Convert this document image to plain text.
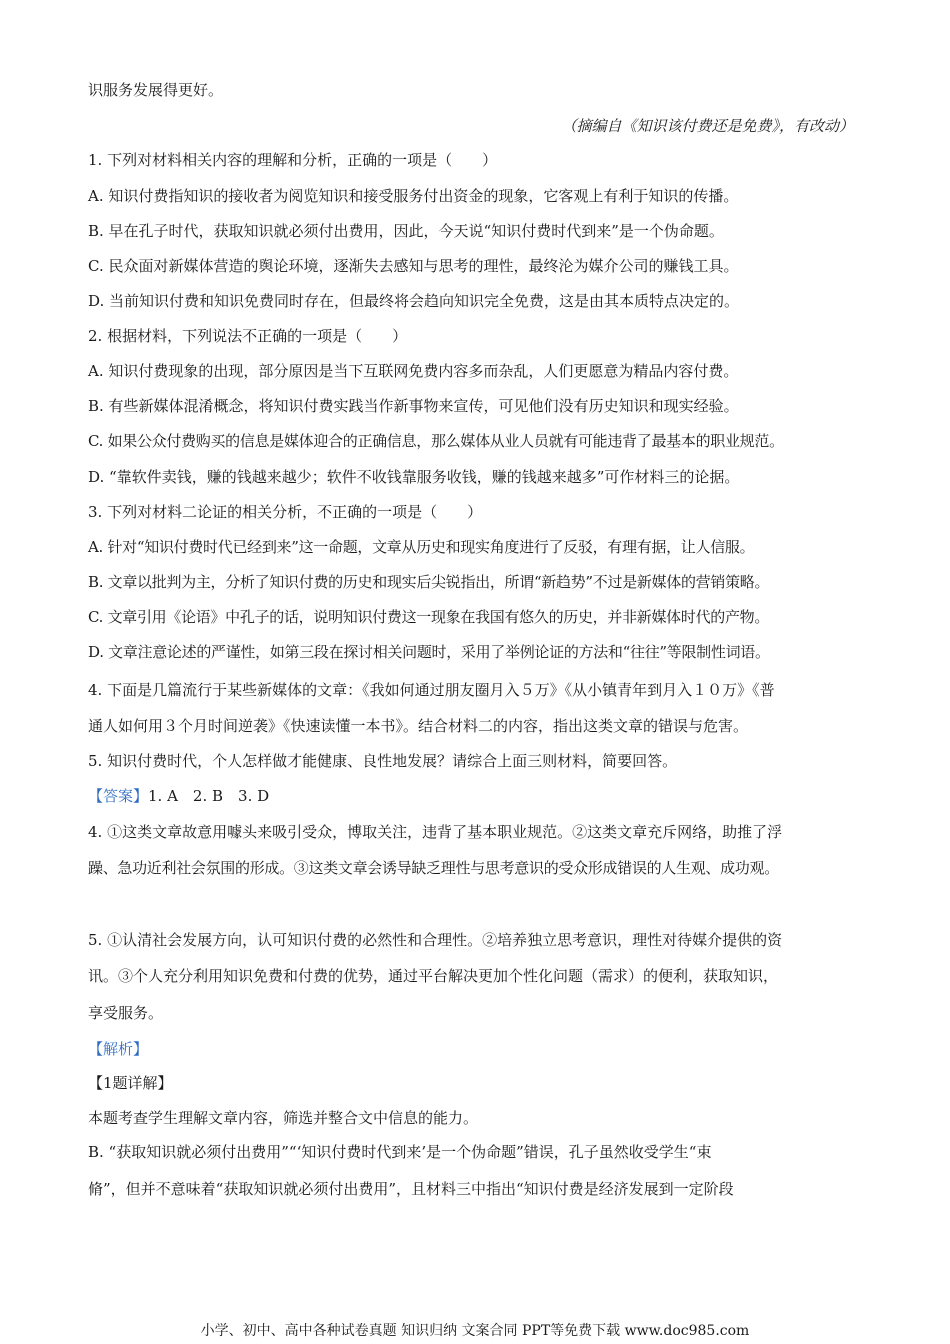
识服务发展得更好。
（摘编自《知识该付费还是免费》，有改动）
1. 下列对材料相关内容的理解和分析，正确的一项是（　　）
A. 知识付费指知识的接收者为阅览知识和接受服务付出资金的现象，它客观上有利于知识的传播。
B. 早在孔子时代，获取知识就必须付出费用，因此，今天说“知识付费时代到来”是一个伪命题。
C. 民众面对新媒体营造的舆论环境，逐渐失去感知与思考的理性，最终沦为媒介公司的赚钱工具。
D. 当前知识付费和知识免费同时存在，但最终将会趋向知识完全免费，这是由其本质特点决定的。
2. 根据材料，下列说法不正确的一项是（　　）
A. 知识付费现象的出现，部分原因是当下互联网免费内容多而杂乱，人们更愿意为精品内容付费。
B. 有些新媒体混淆概念，将知识付费实践当作新事物来宣传，可见他们没有历史知识和现实经验。
C. 如果公众付费购买的信息是媒体迎合的正确信息，那么媒体从业人员就有可能违背了最基本的职业规范。
D. “靠软件卖钱，赚的钱越来越少；软件不收钱靠服务收钱，赚的钱越来越多”可作材料三的论据。
3. 下列对材料二论证的相关分析，不正确的一项是（　　）
A. 针对“知识付费时代已经到来”这一命题，文章从历史和现实角度进行了反驳，有理有据，让人信服。
B. 文章以批判为主，分析了知识付费的历史和现实后尖锐指出，所谓“新趋势”不过是新媒体的营销策略。
C. 文章引用《论语》中孔子的话，说明知识付费这一现象在我国有悠久的历史，并非新媒体时代的产物。
D. 文章注意论述的严谨性，如第三段在探讨相关问题时，采用了举例论证的方法和“往往”等限制性词语。
4. 下面是几篇流行于某些新媒体的文章：《我如何通过朋友圈月入５万》《从小镇青年到月入１０万》《普
通人如何用３个月时间逆袭》《快速读懂一本书》。结合材料二的内容，指出这类文章的错误与危害。
5. 知识付费时代，个人怎样做才能健康、良性地发展？请综合上面三则材料，简要回答。
【答案】1. A　2. B　3. D
4. ①这类文章故意用噱头来吸引受众，博取关注，违背了基本职业规范。②这类文章充斥网络，助推了浮
躁、急功近利社会氛围的形成。③这类文章会诱导缺乏理性与思考意识的受众形成错误的人生观、成功观。
5. ①认清社会发展方向，认可知识付费的必然性和合理性。②培养独立思考意识，理性对待媒介提供的资
讯。③个人充分利用知识免费和付费的优势，通过平台解决更加个性化问题（需求）的便利，获取知识，
享受服务。
【解析】
【1题详解】
本题考查学生理解文章内容，筛选并整合文中信息的能力。
B. “获取知识就必须付出费用”“‘知识付费时代到来’是一个伪命题”错误，孔子虽然收受学生“束
脩”，但并不意味着“获取知识就必须付出费用”，且材料三中指出“知识付费是经济发展到一定阶段
小学、初中、高中各种试卷真题 知识归纳 文案合同 PPT等免费下载 www.doc985.com
